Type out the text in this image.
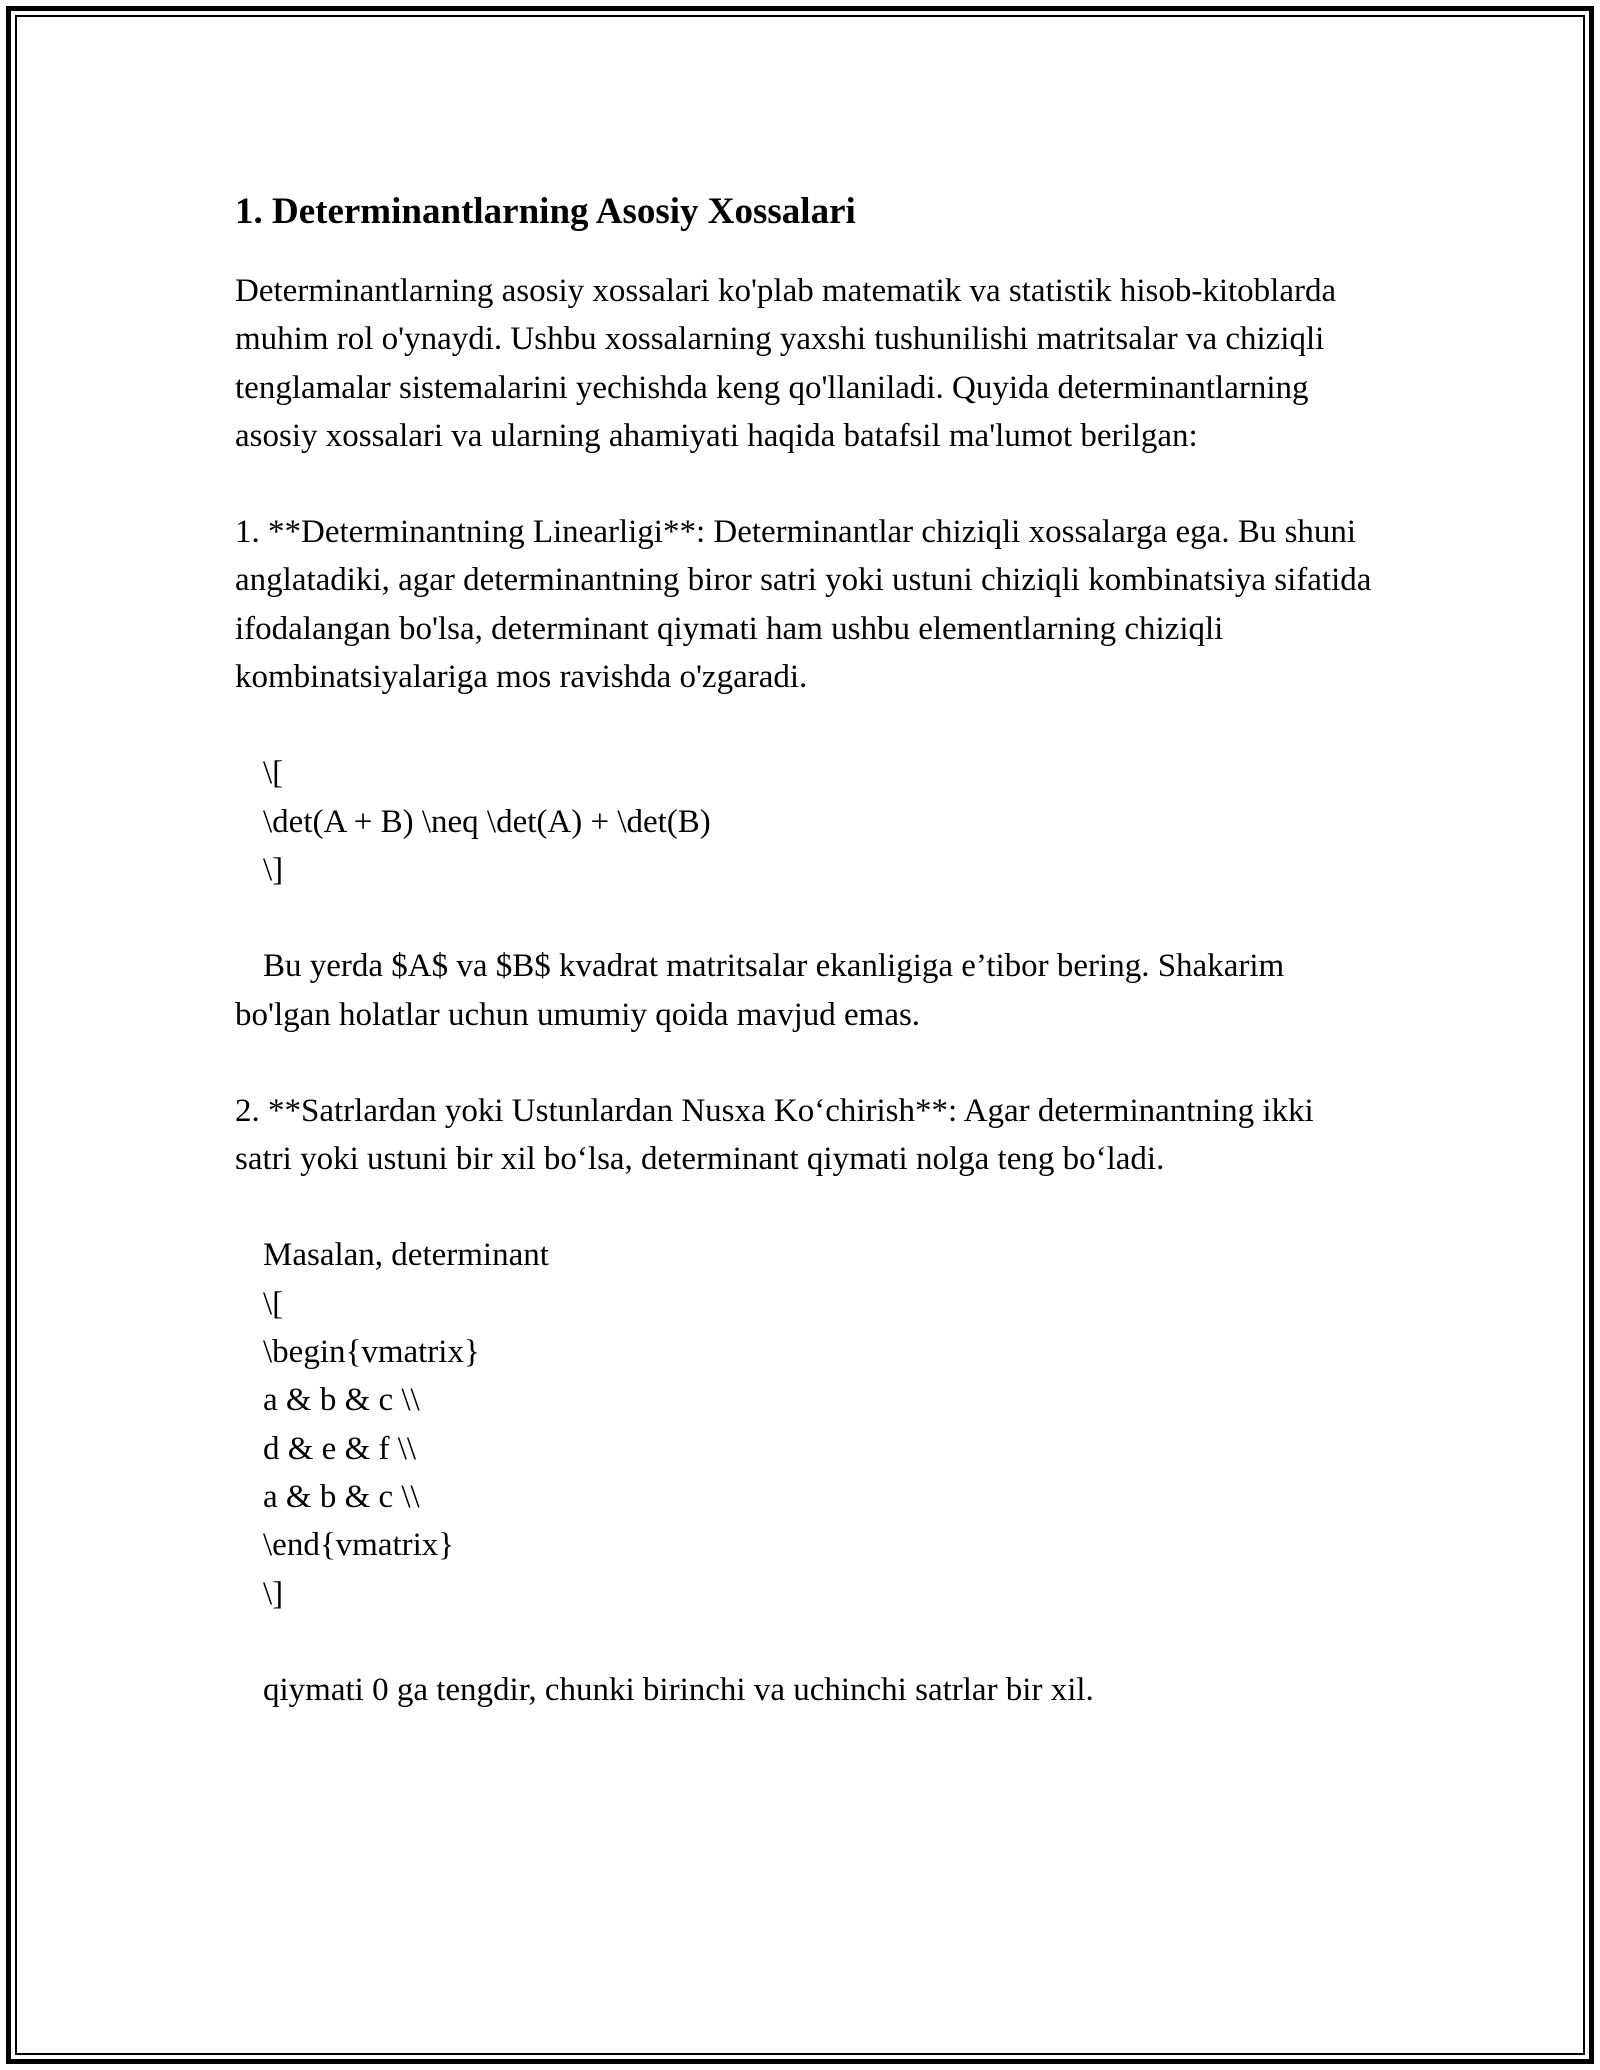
1. Determinantlarning Asosiy Xossalari

Determinantlarning asosiy xossalari ko'plab matematik va statistik hisob-kitoblarda muhim rol o'ynaydi. Ushbu xossalarning yaxshi tushunilishi matritsalar va chiziqli tenglamalar sistemalarini yechishda keng qo'llaniladi. Quyida determinantlarning asosiy xossalari va ularning ahamiyati haqida batafsil ma'lumot berilgan:

1. **Determinantning Linearligi**: Determinantlar chiziqli xossalarga ega. Bu shuni anglatadiki, agar determinantning biror satri yoki ustuni chiziqli kombinatsiya sifatida ifodalangan bo'lsa, determinant qiymati ham ushbu elementlarning chiziqli kombinatsiyalariga mos ravishda o'zgaradi.

\[
\det(A + B) \neq \det(A) + \det(B)
\]

Bu yerda $A$ va $B$ kvadrat matritsalar ekanligiga e’tibor bering. Shakarim bo'lgan holatlar uchun umumiy qoida mavjud emas.

2. **Satrlardan yoki Ustunlardan Nusxa Ko‘chirish**: Agar determinantning ikki satri yoki ustuni bir xil bo‘lsa, determinant qiymati nolga teng bo‘ladi.

Masalan, determinant
\[
\begin{vmatrix}
a & b & c \\
d & e & f \\
a & b & c \\
\end{vmatrix}
\]
qiymati 0 ga tengdir, chunki birinchi va uchinchi satrlar bir xil.
